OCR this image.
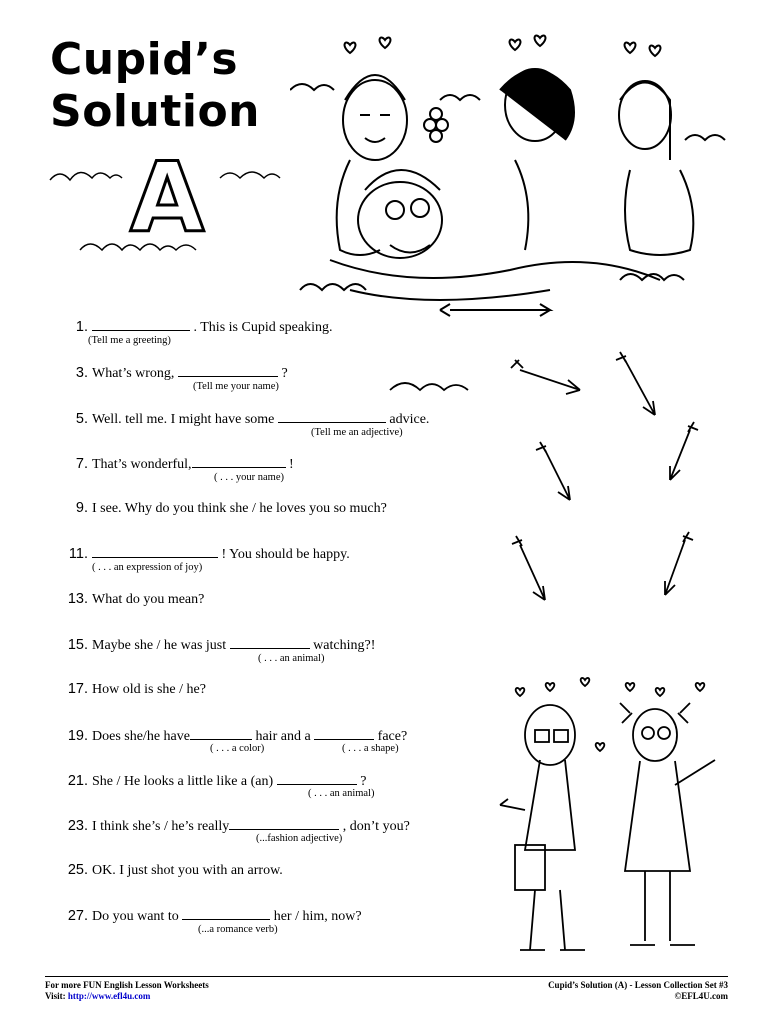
Cupid’s
Solution
A
1.	. This is Cupid speaking.
(Tell me a greeting)
3. What’s wrong,	?
(Tell me your name)
5. Well. tell me. I might have some	advice.
(Tell me an adjective)
7. That’s wonderful,	!
( . . . your name)
9. I see. Why do you think she / he loves you so much?
11.	! You should be happy.
( . . . an expression of joy)
13. What do you mean?
15. Maybe she / he was just	watching?!
( . . . an animal)
17. How old is she / he?
19. Does she/he have	hair and a	face?
( . . . a color)	( . . . a shape)
21. She / He looks a little like a (an)	?
( . . . an animal)
23. I think she’s / he’s really	, don’t you?
(...fashion adjective)
25. OK. I just shot you with an arrow.
27. Do you want to	her / him, now?
(...a romance verb)
For more FUN English Lesson Worksheets
Visit: http://www.efl4u.com
Cupid’s Solution (A) - Lesson Collection Set #3
©EFL4U.com
